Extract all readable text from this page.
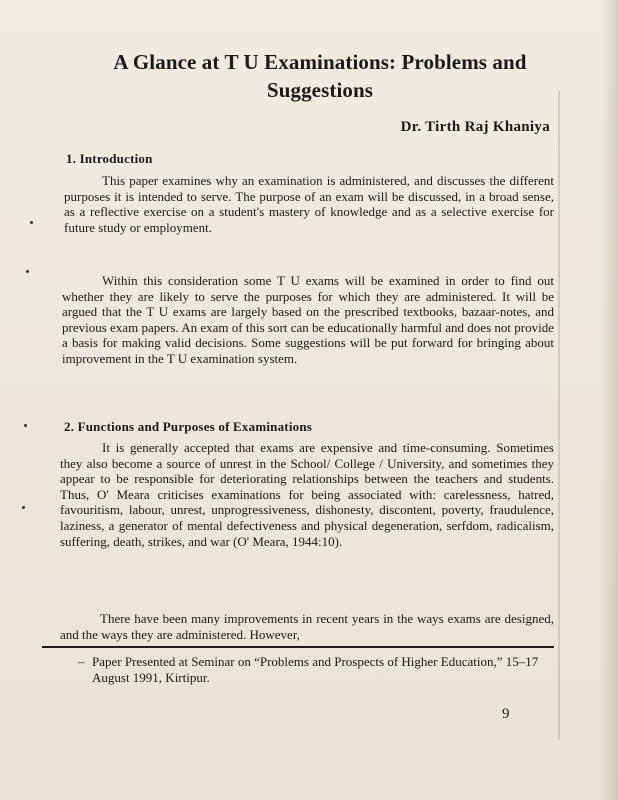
A Glance at T U Examinations: Problems and Suggestions
Dr. Tirth Raj Khaniya
1. Introduction
This paper examines why an examination is administered, and discusses the different purposes it is intended to serve. The purpose of an exam will be discussed, in a broad sense, as a reflective exercise on a student's mastery of knowledge and as a selective exercise for future study or employment.
Within this consideration some T U exams will be examined in order to find out whether they are likely to serve the purposes for which they are administered. It will be argued that the T U exams are largely based on the prescribed textbooks, bazaar-notes, and previous exam papers. An exam of this sort can be educationally harmful and does not provide a basis for making valid decisions. Some suggestions will be put forward for bringing about improvement in the T U examination system.
2. Functions and Purposes of Examinations
It is generally accepted that exams are expensive and time-consuming. Sometimes they also become a source of unrest in the School/ College / University, and sometimes they appear to be responsible for deteriorating relationships between the teachers and students. Thus, O' Meara criticises examinations for being associated with: carelessness, hatred, favouritism, labour, unrest, unprogressiveness, dishonesty, discontent, poverty, fraudulence, laziness, a generator of mental defectiveness and physical degeneration, serfdom, radicalism, suffering, death, strikes, and war (O' Meara, 1944:10).
There have been many improvements in recent years in the ways exams are designed, and the ways they are administered. However,
– Paper Presented at Seminar on “Problems and Prospects of Higher Education,” 15–17 August 1991, Kirtipur.
9
